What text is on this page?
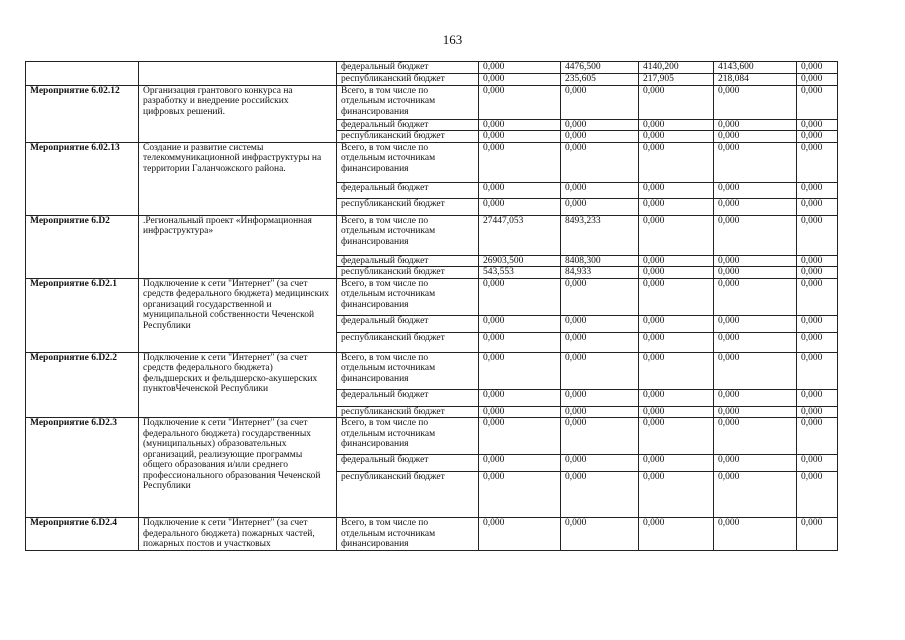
163
		федеральный бюджет	0,000	4476,500	4140,200	4143,600	0,000
		республиканский бюджет	0,000	235,605	217,905	218,084	0,000
Мероприятие 6.02.12	Организация грантового конкурса на разработку и внедрение российских цифровых решений.	Всего, в том числе по отдельным источникам финансирования	0,000	0,000	0,000	0,000	0,000
		федеральный бюджет	0,000	0,000	0,000	0,000	0,000
		республиканский бюджет	0,000	0,000	0,000	0,000	0,000
Мероприятие 6.02.13	Создание и развитие системы телекоммуникационной инфраструктуры на территории Галанчожского района.	Всего, в том числе по отдельным источникам финансирования	0,000	0,000	0,000	0,000	0,000
		федеральный бюджет	0,000	0,000	0,000	0,000	0,000
		республиканский бюджет	0,000	0,000	0,000	0,000	0,000
Мероприятие 6.D2	.Региональный проект «Информационная инфраструктура»	Всего, в том числе по отдельным источникам финансирования	27447,053	8493,233	0,000	0,000	0,000
		федеральный бюджет	26903,500	8408,300	0,000	0,000	0,000
		республиканский бюджет	543,553	84,933	0,000	0,000	0,000
Мероприятие 6.D2.1	Подключение к сети "Интернет" (за счет средств федерального бюджета) медицинских организаций государственной и муниципальной собственности Чеченской Республики	Всего, в том числе по отдельным источникам финансирования	0,000	0,000	0,000	0,000	0,000
		федеральный бюджет	0,000	0,000	0,000	0,000	0,000
		республиканский бюджет	0,000	0,000	0,000	0,000	0,000
Мероприятие 6.D2.2	Подключение к сети "Интернет" (за счет средств федерального бюджета) фельдшерских и фельдшерско-акушерских пунктовЧеченской Республики	Всего, в том числе по отдельным источникам финансирования	0,000	0,000	0,000	0,000	0,000
		федеральный бюджет	0,000	0,000	0,000	0,000	0,000
		республиканский бюджет	0,000	0,000	0,000	0,000	0,000
Мероприятие 6.D2.3	Подключение к сети "Интернет" (за счет федерального бюджета) государственных (муниципальных) образовательных организаций, реализующие программы общего образования и/или среднего профессионального образования Чеченской Республики	Всего, в том числе по отдельным источникам финансирования	0,000	0,000	0,000	0,000	0,000
		федеральный бюджет	0,000	0,000	0,000	0,000	0,000
		республиканский бюджет	0,000	0,000	0,000	0,000	0,000
Мероприятие 6.D2.4	Подключение к сети "Интернет" (за счет федерального бюджета) пожарных частей, пожарных постов и участковых	Всего, в том числе по отдельным источникам финансирования	0,000	0,000	0,000	0,000	0,000
